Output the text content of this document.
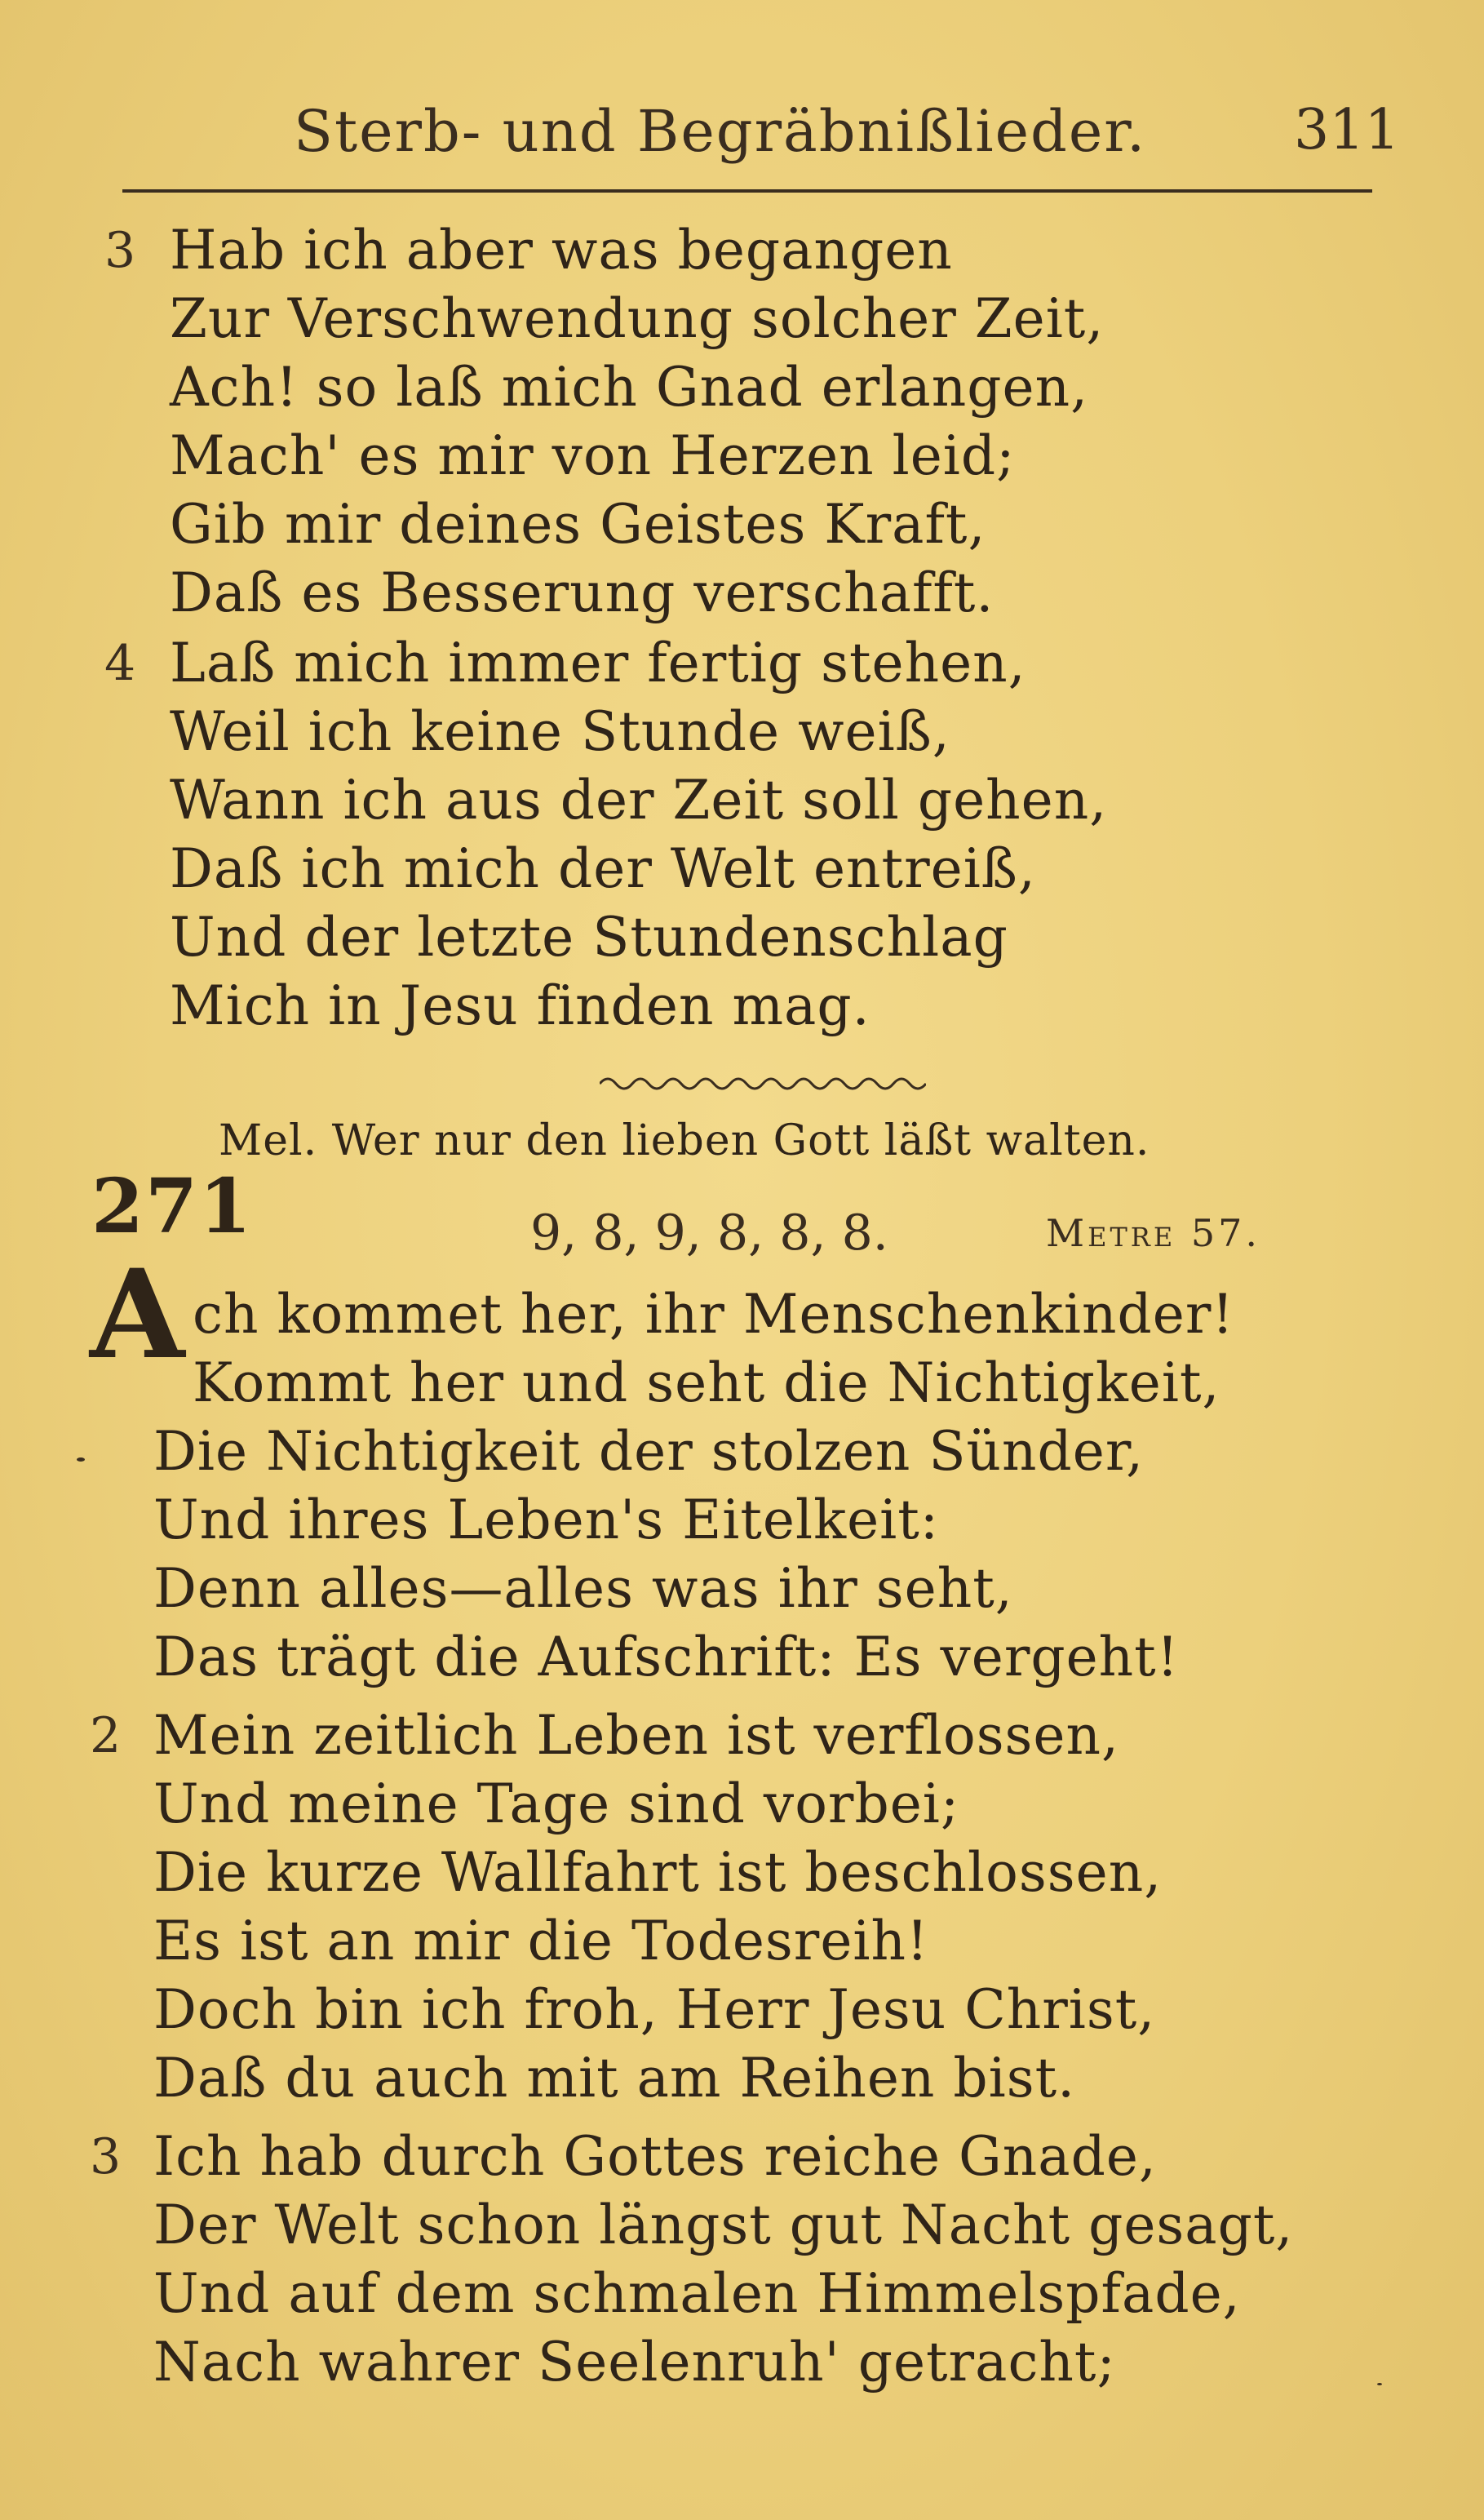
Sterb- und Begräbnißlieder.	311
3 Hab ich aber was begangen
Zur Verschwendung solcher Zeit,
Ach! so laß mich Gnad erlangen,
Mach' es mir von Herzen leid;
Gib mir deines Geistes Kraft,
Daß es Besserung verschafft.
4 Laß mich immer fertig stehen,
Weil ich keine Stunde weiß,
Wann ich aus der Zeit soll gehen,
Daß ich mich der Welt entreiß,
Und der letzte Stundenschlag
Mich in Jesu finden mag.
Mel. Wer nur den lieben Gott läßt walten.
271	9, 8, 9, 8, 8, 8.	Metre 57.
A ch kommet her, ihr Menschenkinder!
Kommt her und seht die Nichtigkeit,
Die Nichtigkeit der stolzen Sünder,
Und ihres Leben's Eitelkeit:
Denn alles—alles was ihr seht,
Das trägt die Aufschrift: Es vergeht!
2 Mein zeitlich Leben ist verflossen,
Und meine Tage sind vorbei;
Die kurze Wallfahrt ist beschlossen,
Es ist an mir die Todesreih!
Doch bin ich froh, Herr Jesu Christ,
Daß du auch mit am Reihen bist.
3 Ich hab durch Gottes reiche Gnade,
Der Welt schon längst gut Nacht gesagt,
Und auf dem schmalen Himmelspfade,
Nach wahrer Seelenruh' getracht;
